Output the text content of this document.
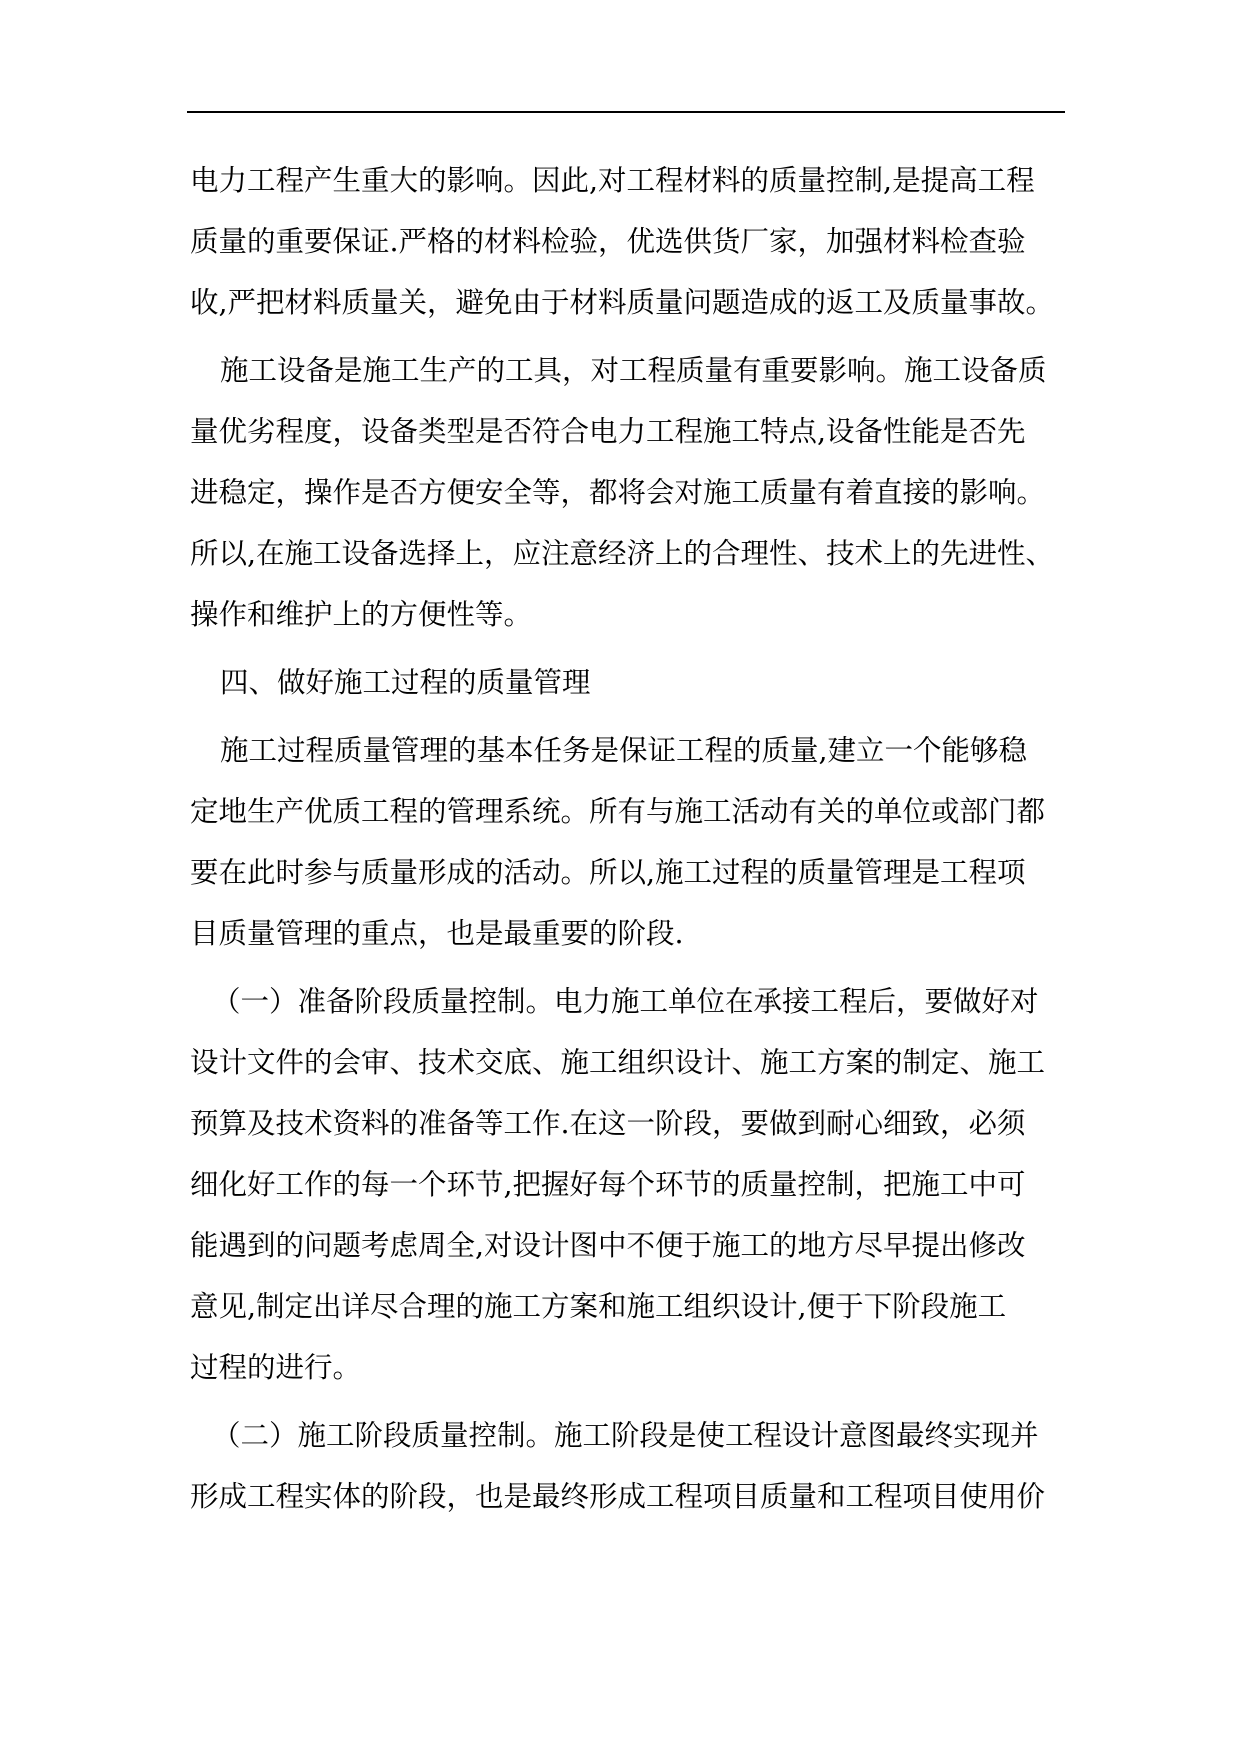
电力工程产生重大的影响。因此,对工程材料的质量控制,是提高工程
质量的重要保证.严格的材料检验，优选供货厂家，加强材料检查验
收,严把材料质量关，避免由于材料质量问题造成的返工及质量事故。
施工设备是施工生产的工具，对工程质量有重要影响。施工设备质
量优劣程度，设备类型是否符合电力工程施工特点,设备性能是否先
进稳定，操作是否方便安全等，都将会对施工质量有着直接的影响。
所以,在施工设备选择上，应注意经济上的合理性、技术上的先进性、
操作和维护上的方便性等。
四、做好施工过程的质量管理
施工过程质量管理的基本任务是保证工程的质量,建立一个能够稳
定地生产优质工程的管理系统。所有与施工活动有关的单位或部门都
要在此时参与质量形成的活动。所以,施工过程的质量管理是工程项
目质量管理的重点，也是最重要的阶段.
（一）准备阶段质量控制。电力施工单位在承接工程后，要做好对
设计文件的会审、技术交底、施工组织设计、施工方案的制定、施工
预算及技术资料的准备等工作.在这一阶段，要做到耐心细致，必须
细化好工作的每一个环节,把握好每个环节的质量控制，把施工中可
能遇到的问题考虑周全,对设计图中不便于施工的地方尽早提出修改
意见,制定出详尽合理的施工方案和施工组织设计,便于下阶段施工
过程的进行。
（二）施工阶段质量控制。施工阶段是使工程设计意图最终实现并
形成工程实体的阶段，也是最终形成工程项目质量和工程项目使用价
